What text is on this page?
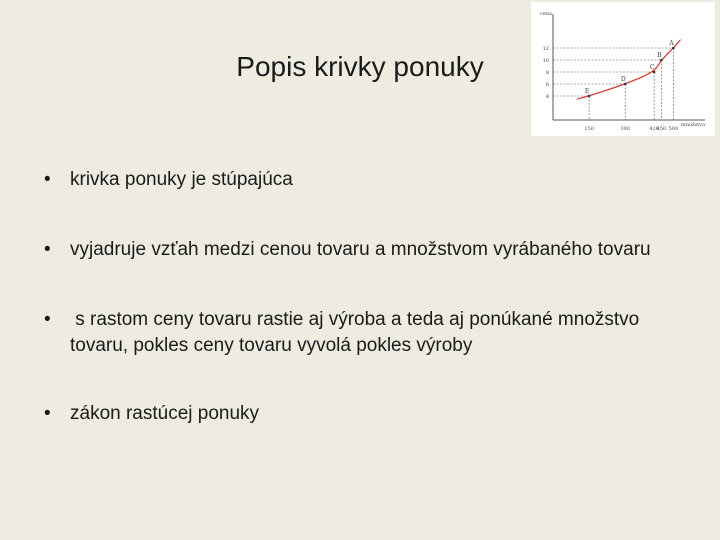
Popis krivky ponuky
cena
množstvo
150
4
300
6
420
8
450
10
500
12
E
D
C
B
A
•	krivka ponuky je stúpajúca
•	vyjadruje vzťah medzi cenou tovaru a množstvom vyrábaného tovaru
•	s rastom ceny tovaru rastie aj výroba a teda aj ponúkané množstvo tovaru, pokles ceny tovaru vyvolá pokles výroby
•	zákon rastúcej ponuky
